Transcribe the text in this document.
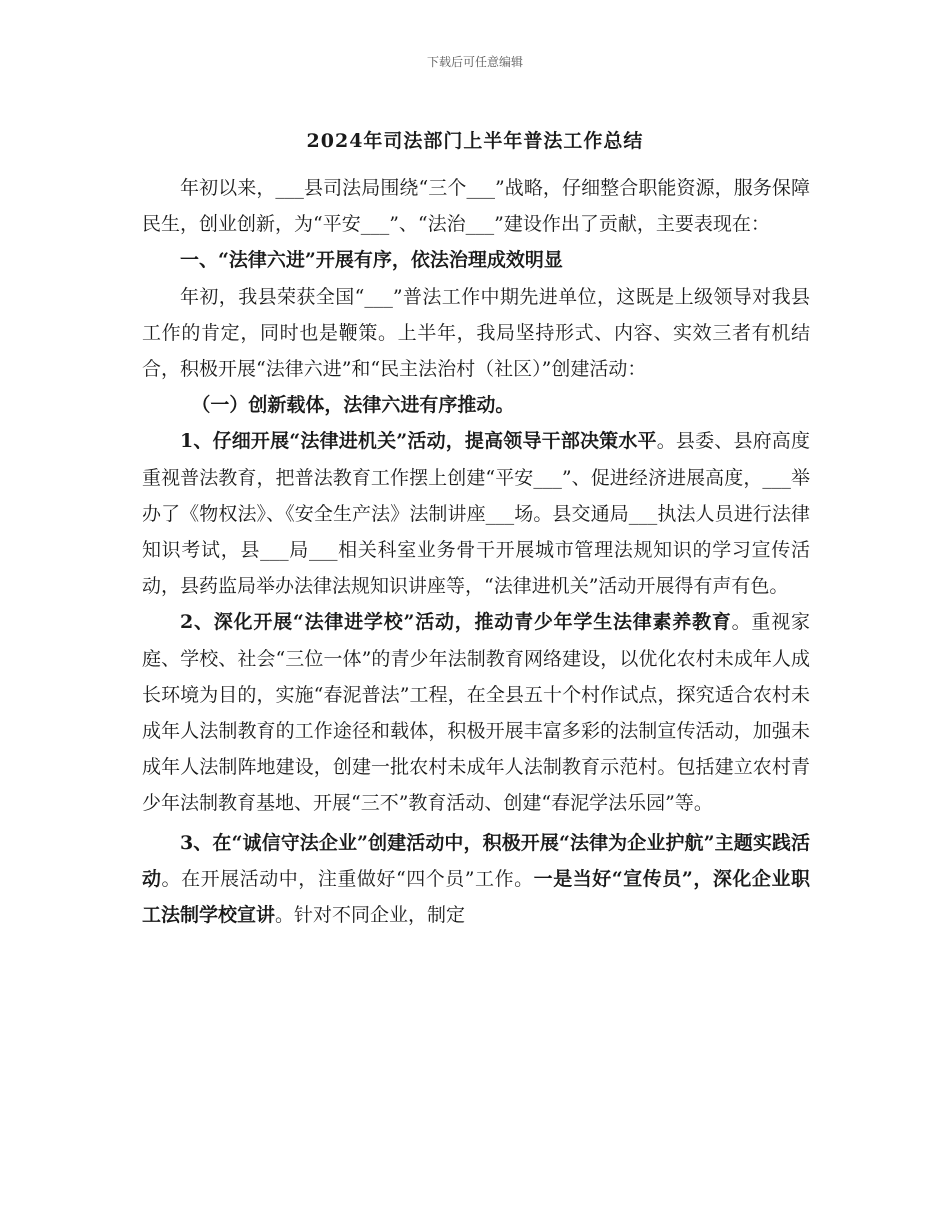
下载后可任意编辑
2024年司法部门上半年普法工作总结

年初以来，___县司法局围绕“三个___”战略，仔细整合职能资源，服务保障民生，创业创新，为“平安___”、“法治___”建设作出了贡献，主要表现在：

一、“法律六进”开展有序，依法治理成效明显

年初，我县荣获全国“___”普法工作中期先进单位，这既是上级领导对我县工作的肯定，同时也是鞭策。上半年，我局坚持形式、内容、实效三者有机结合，积极开展“法律六进”和“民主法治村（社区）”创建活动：

（一）创新载体，法律六进有序推动。

1、仔细开展“法律进机关”活动，提高领导干部决策水平。县委、县府高度重视普法教育，把普法教育工作摆上创建“平安___”、促进经济进展高度，___举办了《物权法》、《安全生产法》法制讲座___场。县交通局___执法人员进行法律知识考试，县___局___相关科室业务骨干开展城市管理法规知识的学习宣传活动，县药监局举办法律法规知识讲座等，“法律进机关”活动开展得有声有色。

2、深化开展“法律进学校”活动，推动青少年学生法律素养教育。重视家庭、学校、社会“三位一体”的青少年法制教育网络建设，以优化农村未成年人成长环境为目的，实施“春泥普法”工程，在全县五十个村作试点，探究适合农村未成年人法制教育的工作途径和载体，积极开展丰富多彩的法制宣传活动，加强未成年人法制阵地建设，创建一批农村未成年人法制教育示范村。包括建立农村青少年法制教育基地、开展“三不”教育活动、创建“春泥学法乐园”等。

3、在“诚信守法企业”创建活动中，积极开展“法律为企业护航”主题实践活动。在开展活动中，注重做好“四个员”工作。一是当好“宣传员”，深化企业职工法制学校宣讲。针对不同企业，制定
